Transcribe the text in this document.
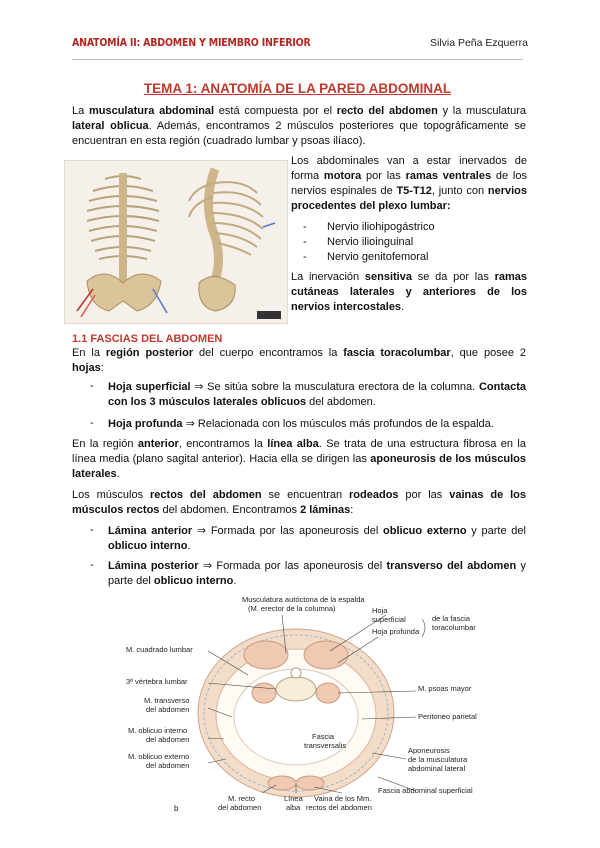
ANATOMÍA II: ABDOMEN Y MIEMBRO INFERIOR	Silvia Peña Ezquerra
TEMA 1: ANATOMÍA DE LA PARED ABDOMINAL

La musculatura abdominal está compuesta por el recto del abdomen y la musculatura lateral oblicua. Además, encontramos 2 músculos posteriores que topográficamente se encuentran en esta región (cuadrado lumbar y psoas ilíaco).

Los abdominales van a estar inervados de forma motora por las ramas ventrales de los nervios espinales de T5-T12, junto con nervios procedentes del plexo lumbar:

- Nervio iliohipogástrico
- Nervio ilioinguinal
- Nervio genitofemoral

La inervación sensitiva se da por las ramas cutáneas laterales y anteriores de los nervios intercostales.

1.1 FASCIAS DEL ABDOMEN

En la región posterior del cuerpo encontramos la fascia toracolumbar, que posee 2 hojas:

- Hoja superficial ⇒ Se sitúa sobre la musculatura erectora de la columna. Contacta con los 3 músculos laterales oblicuos del abdomen.

- Hoja profunda ⇒ Relacionada con los músculos más profundos de la espalda.

En la región anterior, encontramos la línea alba. Se trata de una estructura fibrosa en la línea media (plano sagital anterior). Hacia ella se dirigen las aponeurosis de los músculos laterales.

Los músculos rectos del abdomen se encuentran rodeados por las vainas de los músculos rectos del abdomen. Encontramos 2 láminas:

- Lámina anterior ⇒ Formada por las aponeurosis del oblicuo externo y parte del oblicuo interno.

- Lámina posterior ⇒ Formada por las aponeurosis del transverso del abdomen y parte del oblicuo interno.

Musculatura autóctona de la espalda
(M. erector de la columna)	Hoja
superficial
Hoja profunda
de la fascia
toracolumbar
M. cuadrado lumbar
3ª vértebra lumbar
M. transverso
del abdomen
M. oblicuo interno
del abdomen
M. oblicuo externo
del abdomen
M. psoas mayor
Peritoneo parietal
Fascia
transversalis
Aponeurosis
de la musculatura
abdominal lateral
Fascia abdominal superficial
M. recto
del abdomen
Línea
alba
Vaina de los Mm.
rectos del abdomen
b
